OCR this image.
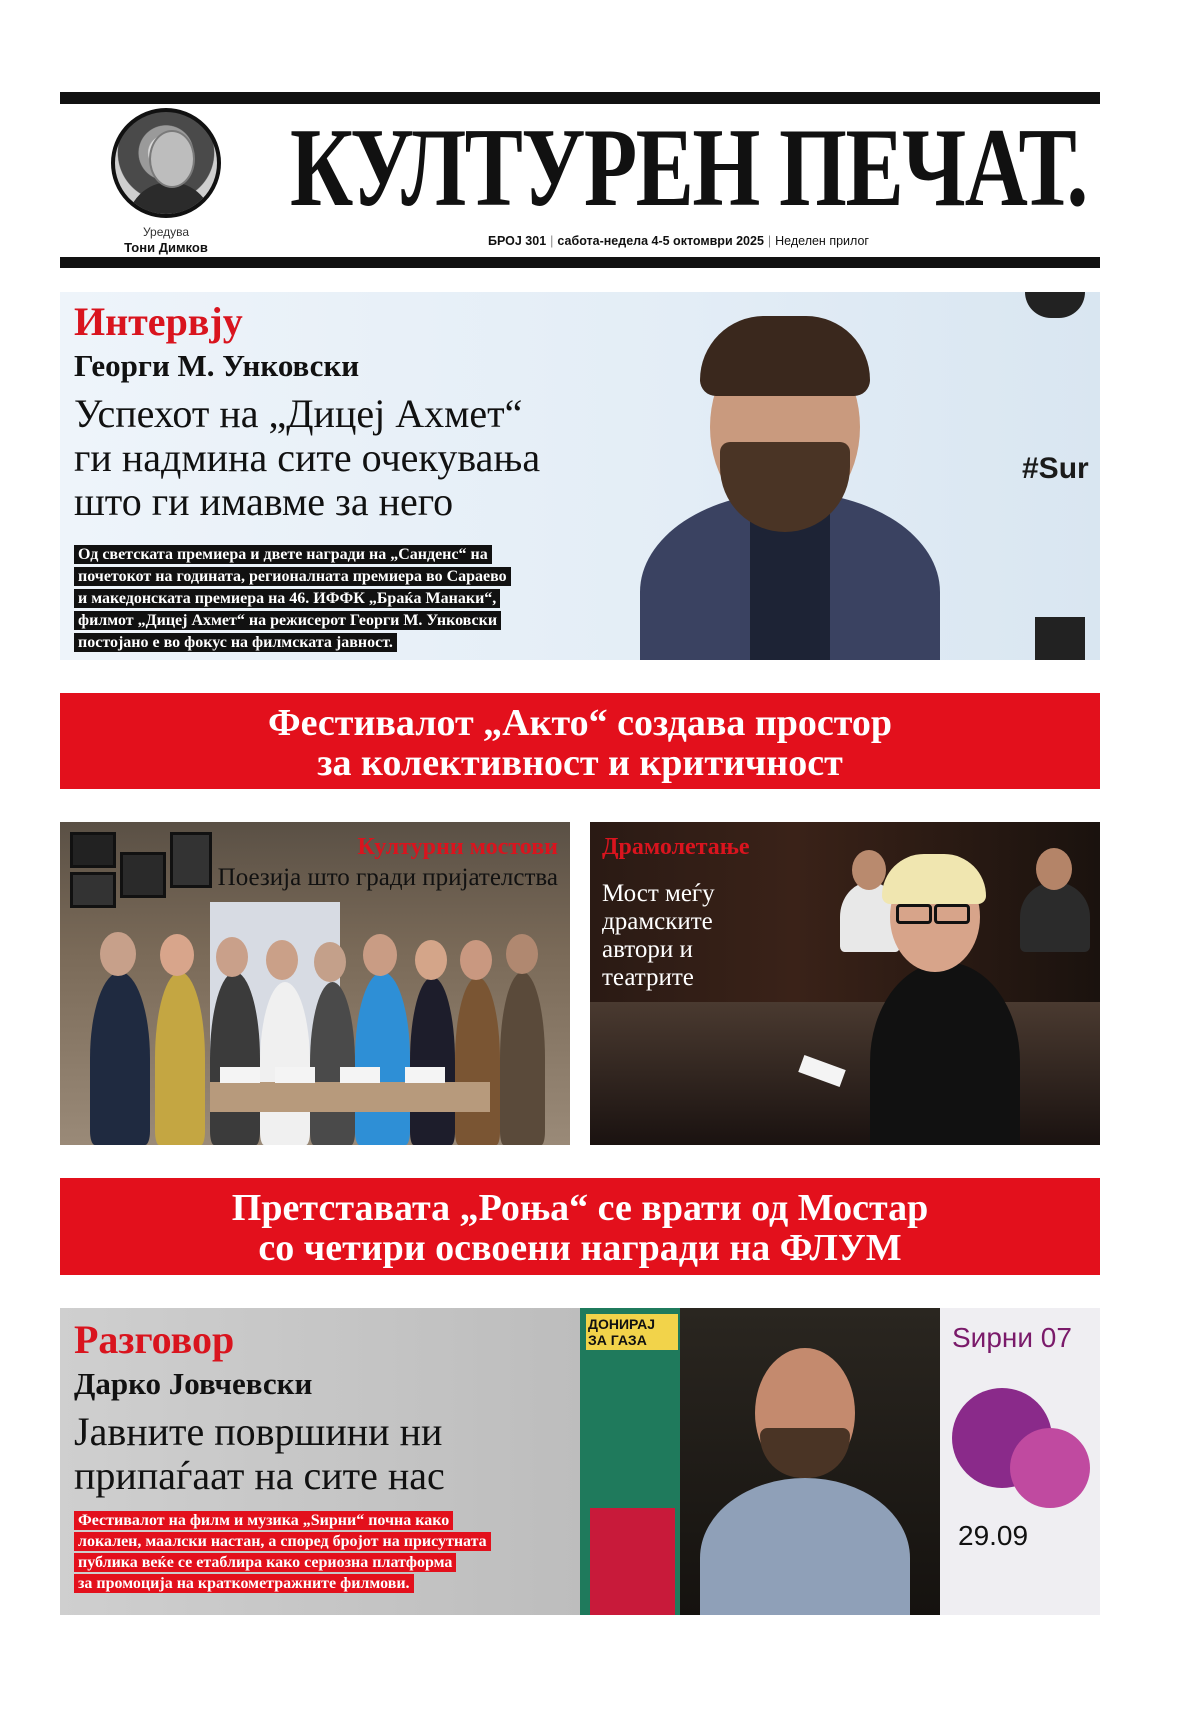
Уредува
Тони Димков
КУЛТУРЕН ПЕЧАТ.
БРОЈ 301 | сабота-недела 4-5 октомври 2025 | Неделен прилог
#Sur
Интервју
Георги М. Унковски
Успехот на „Дицеј Ахмет“
ги надмина сите очекувања
што ги имавме за него
Од светската премиера и двете награди на „Санденс“ на
почетокот на годината, регионалната премиера во Сараево
и македонската премиера на 46. ИФФК „Браќа Манаки“,
филмот „Дицеј Ахмет“ на режисерот Георги М. Унковски
постојано е во фокус на филмската јавност.
Фестивалот „Акто“ создава простор
за колективност и критичност
Културни мостови
Поезија што гради пријателства
Драмолетање
Мост меѓу
драмските
автори и
театрите
Претставата „Роња“ се врати од Мостар
со четири освоени награди на ФЛУМ
ДОНИРАЈ ЗА ГАЗА	Ѕирни 07
29.09
Разговор
Дарко Јовчевски
Јавните површини ни
припаѓаат на сите нас
Фестивалот на филм и музика „Ѕирни“ почна како
локален, маалски настан, а според бројот на присутната
публика веќе се етаблира како сериозна платформа
за промоција на краткометражните филмови.
